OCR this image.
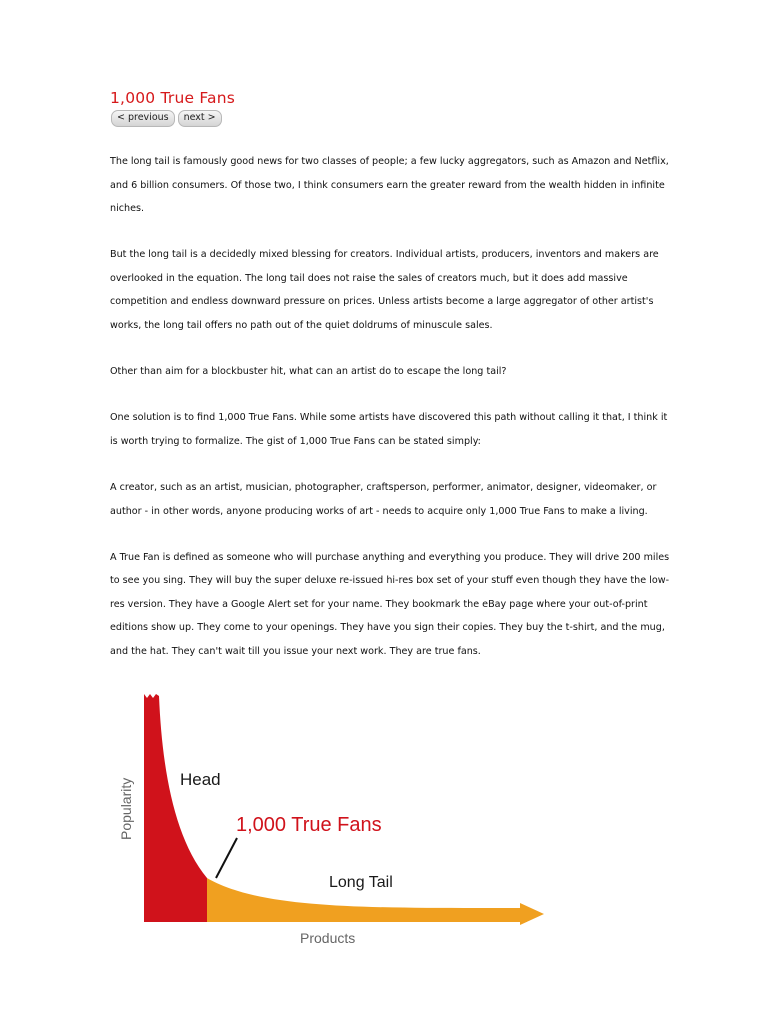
1,000 True Fans
< previous	next >

The long tail is famously good news for two classes of people; a few lucky aggregators, such as Amazon and Netflix, and 6 billion consumers. Of those two, I think consumers earn the greater reward from the wealth hidden in infinite niches.

But the long tail is a decidedly mixed blessing for creators. Individual artists, producers, inventors and makers are overlooked in the equation. The long tail does not raise the sales of creators much, but it does add massive competition and endless downward pressure on prices. Unless artists become a large aggregator of other artist's works, the long tail offers no path out of the quiet doldrums of minuscule sales.

Other than aim for a blockbuster hit, what can an artist do to escape the long tail?

One solution is to find 1,000 True Fans. While some artists have discovered this path without calling it that, I think it is worth trying to formalize. The gist of 1,000 True Fans can be stated simply:

A creator, such as an artist, musician, photographer, craftsperson, performer, animator, designer, videomaker, or author - in other words, anyone producing works of art - needs to acquire only 1,000 True Fans to make a living.

A True Fan is defined as someone who will purchase anything and everything you produce. They will drive 200 miles to see you sing. They will buy the super deluxe re-issued hi-res box set of your stuff even though they have the low-res version. They have a Google Alert set for your name. They bookmark the eBay page where your out-of-print editions show up. They come to your openings. They have you sign their copies. They buy the t-shirt, and the mug, and the hat. They can't wait till you issue your next work. They are true fans.

Head
1,000 True Fans
Long Tail
Products
Popularity
